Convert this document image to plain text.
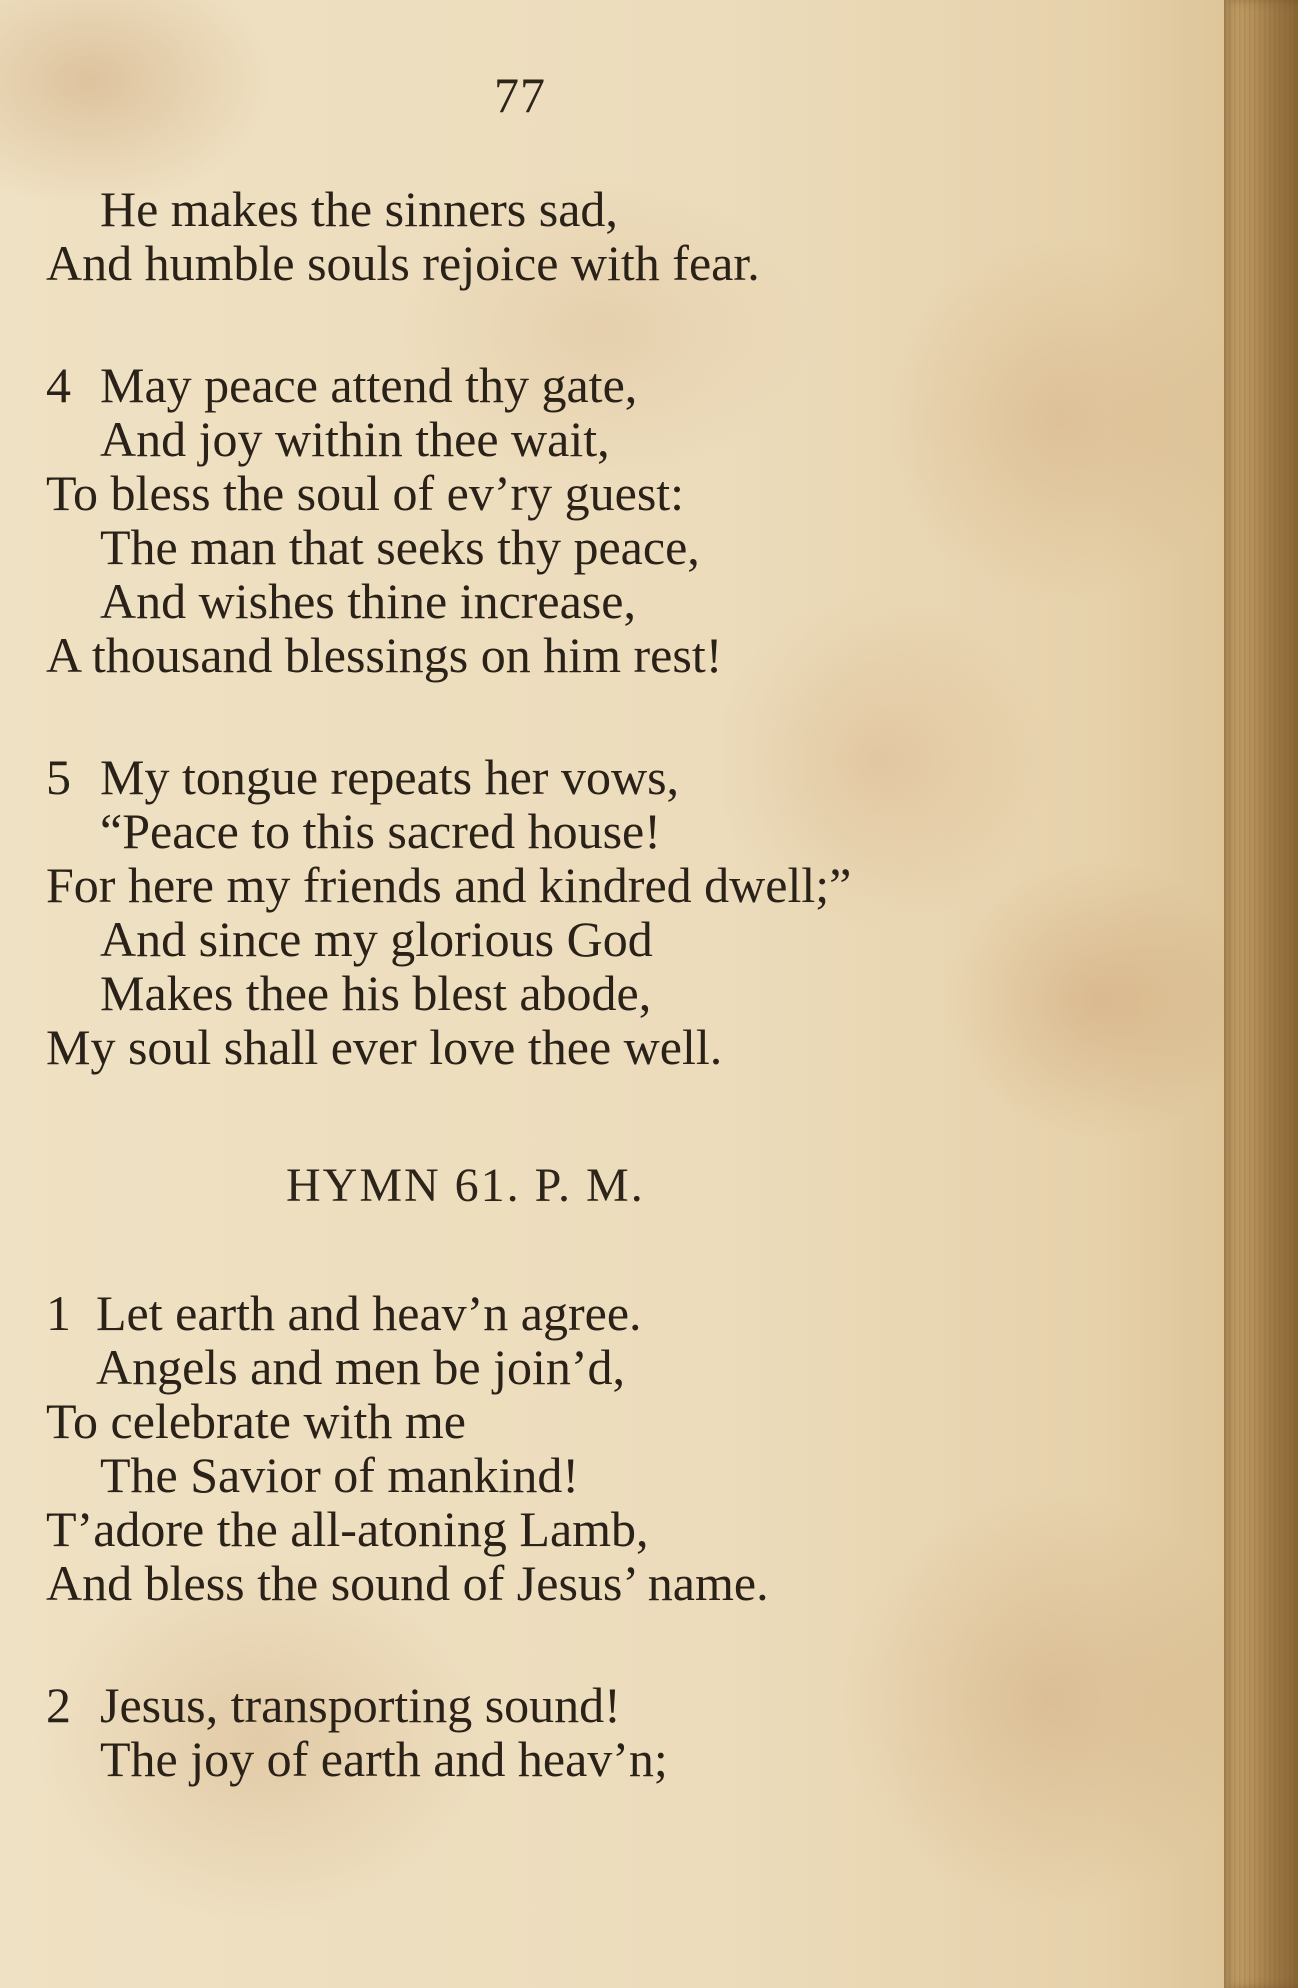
77
He makes the sinners sad,
And humble souls rejoice with fear.
4 May peace attend thy gate,
And joy within thee wait,
To bless the soul of ev’ry guest:
The man that seeks thy peace,
And wishes thine increase,
A thousand blessings on him rest!
5 My tongue repeats her vows,
“Peace to this sacred house!
For here my friends and kindred dwell;”
And since my glorious God
Makes thee his blest abode,
My soul shall ever love thee well.
HYMN 61. P. M.
1 Let earth and heav’n agree.
Angels and men be join’d,
To celebrate with me
The Savior of mankind!
T’adore the all-atoning Lamb,
And bless the sound of Jesus’ name.
2 Jesus, transporting sound!
The joy of earth and heav’n;
